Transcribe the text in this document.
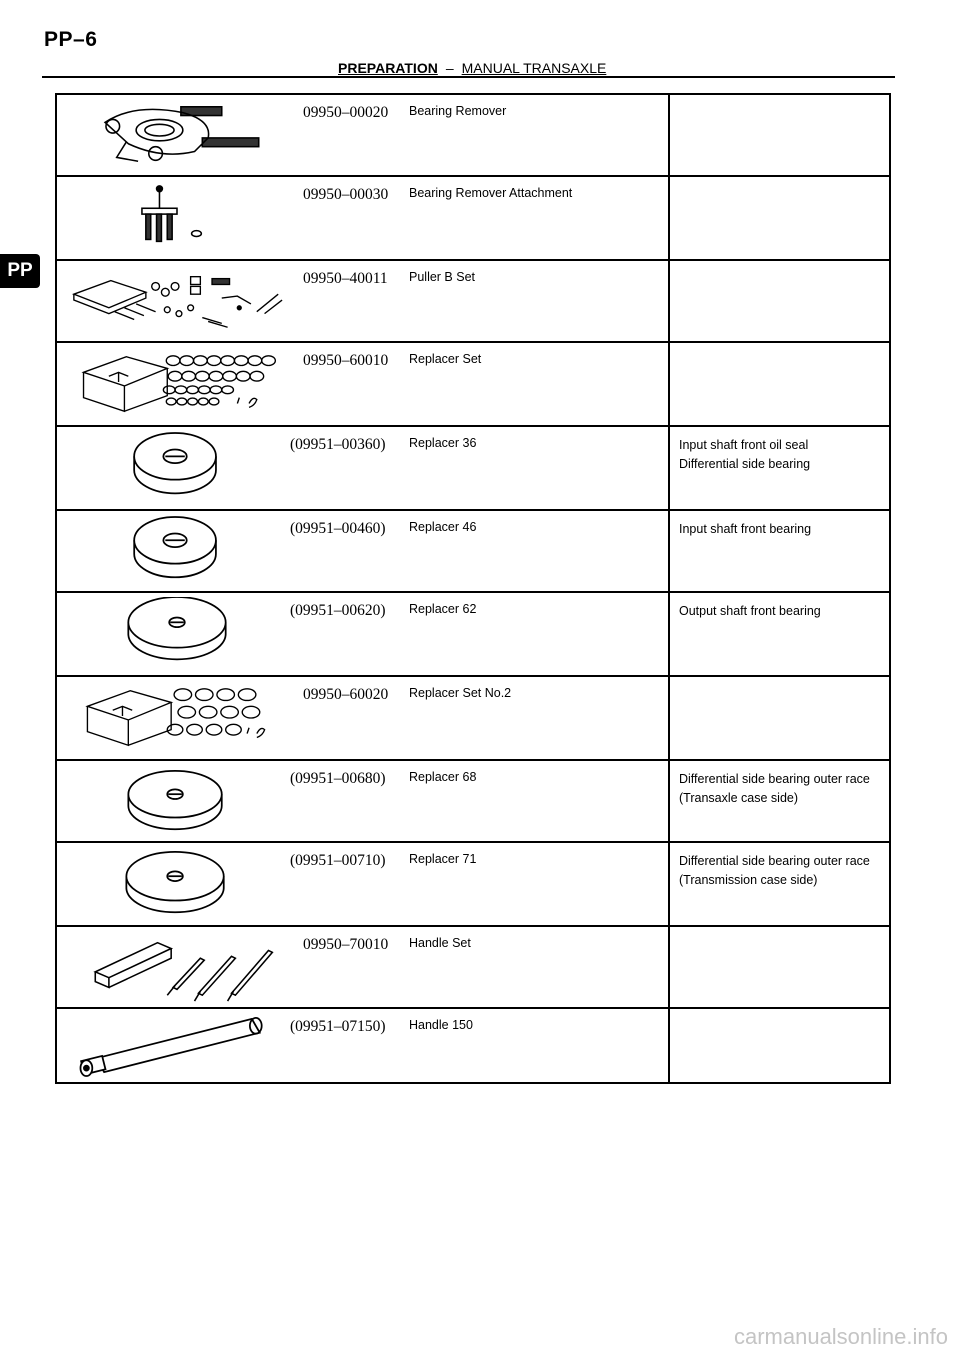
PP–6
PREPARATION – MANUAL TRANSAXLE
PP
09950–00020 Bearing Remover
09950–00030 Bearing Remover Attachment
09950–40011 Puller B Set
09950–60010 Replacer Set
(09951–00360) Replacer 36	Input shaft front oil seal
Differential side bearing
(09951–00460) Replacer 46	Input shaft front bearing
(09951–00620) Replacer 62	Output shaft front bearing
09950–60020 Replacer Set No.2
(09951–00680) Replacer 68	Differential side bearing outer race
(Transaxle case side)
(09951–00710) Replacer 71	Differential side bearing outer race
(Transmission case side)
09950–70010 Handle Set
(09951–07150) Handle 150
carmanualsonline.info
